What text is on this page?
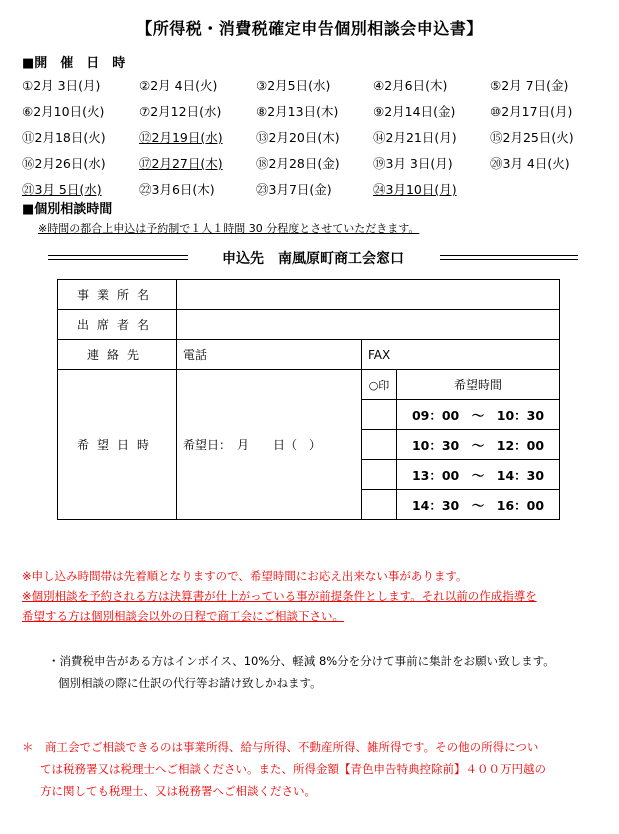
【所得税・消費税確定申告個別相談会申込書】
■開　催　日　時
①2月 3日(月)	②2月 4日(火)	③2月5日(水)	④2月6日(木)	⑤2月 7日(金)
⑥2月10日(火)	⑦2月12日(水)	⑧2月13日(木)	⑨2月14日(金)	⑩2月17日(月)
⑪2月18日(火)	⑫2月19日(水)	⑬2月20日(木)	⑭2月21日(月)	⑮2月25日(火)
⑯2月26日(水)	⑰2月27日(木)	⑱2月28日(金)	⑲3月 3日(月)	⑳3月 4日(火)
㉑3月 5日(水)	㉒3月6日(木)	㉓3月7日(金)	㉔3月10日(月)
■個別相談時間
※時間の都合上申込は予約制で１人１時間 30 分程度とさせていただきます。
申込先　南風原町商工会窓口
事業所名			
出席者名			
連絡先	電話	FAX	
希望日時	希望日：　月　　日（　）	○印	希望時間
			09：00　～　10：30
			10：30　～　12：00
			13：00　～　14：30
			14：30　～　16：00
※申し込み時間帯は先着順となりますので、希望時間にお応え出来ない事があります。
※個別相談を予約される方は決算書が仕上がっている事が前提条件とします。それ以前の作成指導を
希望する方は個別相談会以外の日程で商工会にご相談下さい。
・消費税申告がある方はインボイス、10%分、軽減 8%分を分けて事前に集計をお願い致します。
個別相談の際に仕訳の代行等お請け致しかねます。
＊　商工会でご相談できるのは事業所得、給与所得、不動産所得、雑所得です。その他の所得につい
ては税務署又は税理士へご相談ください。また、所得金額【青色申告特典控除前】４００万円越の
方に関しても税理士、又は税務署へご相談ください。
